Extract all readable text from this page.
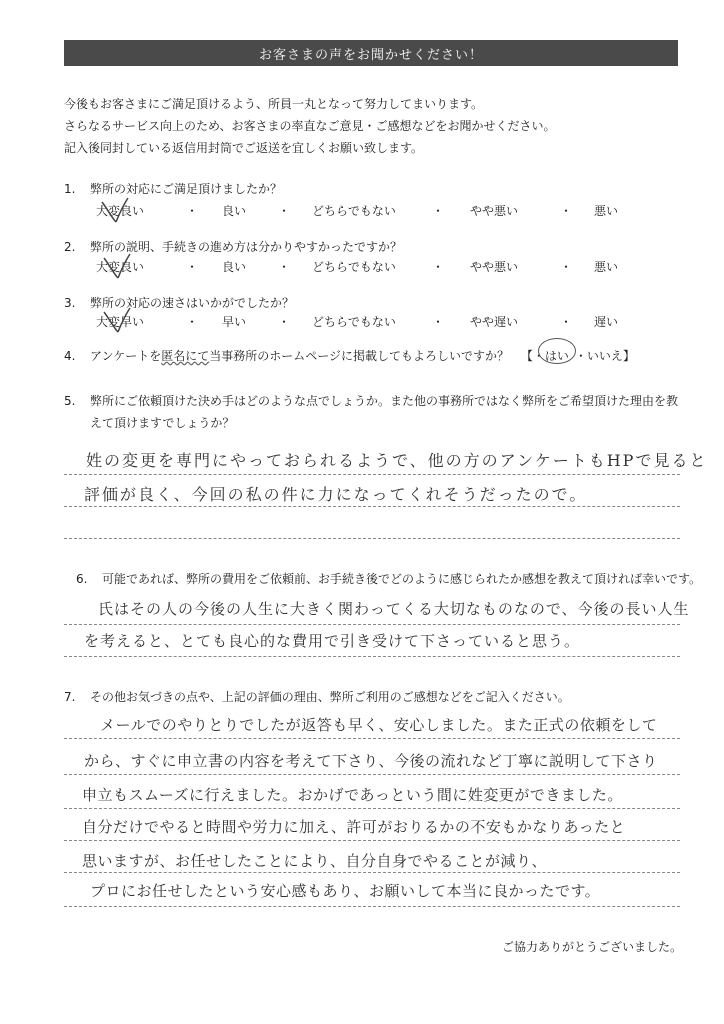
お客さまの声をお聞かせください！
今後もお客さまにご満足頂けるよう、所員一丸となって努力してまいります。
さらなるサービス向上のため、お客さまの率直なご意見・ご感想などをお聞かせください。
記入後同封している返信用封筒でご返送を宜しくお願い致します。
1. 弊所の対応にご満足頂けましたか？
大変良い	・ 良い	・ どちらでもない	・ やや悪い	・ 悪い
2. 弊所の説明、手続きの進め方は分かりやすかったですか？
大変良い	・ 良い	・ どちらでもない	・ やや悪い	・ 悪い
3. 弊所の対応の速さはいかがでしたか？
大変早い	・ 早い	・ どちらでもない	・ やや遅い	・ 遅い
4. アンケートを匿名にて当事務所のホームページに掲載してもよろしいですか？ 【・はい ・いいえ】
5. 弊所にご依頼頂けた決め手はどのような点でしょうか。また他の事務所ではなく弊所をご希望頂けた理由を教
えて頂けますでしょうか？
姓の変更を専門にやっておられるようで、他の方のアンケートもHPで見ると
評価が良く、今回の私の件に力になってくれそうだったので。
6. 可能であれば、弊所の費用をご依頼前、お手続き後でどのように感じられたか感想を教えて頂ければ幸いです。
氏はその人の今後の人生に大きく関わってくる大切なものなので、今後の長い人生
を考えると、とても良心的な費用で引き受けて下さっていると思う。
7. その他お気づきの点や、上記の評価の理由、弊所ご利用のご感想などをご記入ください。
メールでのやりとりでしたが返答も早く、安心しました。また正式の依頼をして
から、すぐに申立書の内容を考えて下さり、今後の流れなど丁寧に説明して下さり
申立もスムーズに行えました。おかげであっという間に姓変更ができました。
自分だけでやると時間や労力に加え、許可がおりるかの不安もかなりあったと
思いますが、お任せしたことにより、自分自身でやることが減り、
プロにお任せしたという安心感もあり、お願いして本当に良かったです。
ご協力ありがとうございました。
